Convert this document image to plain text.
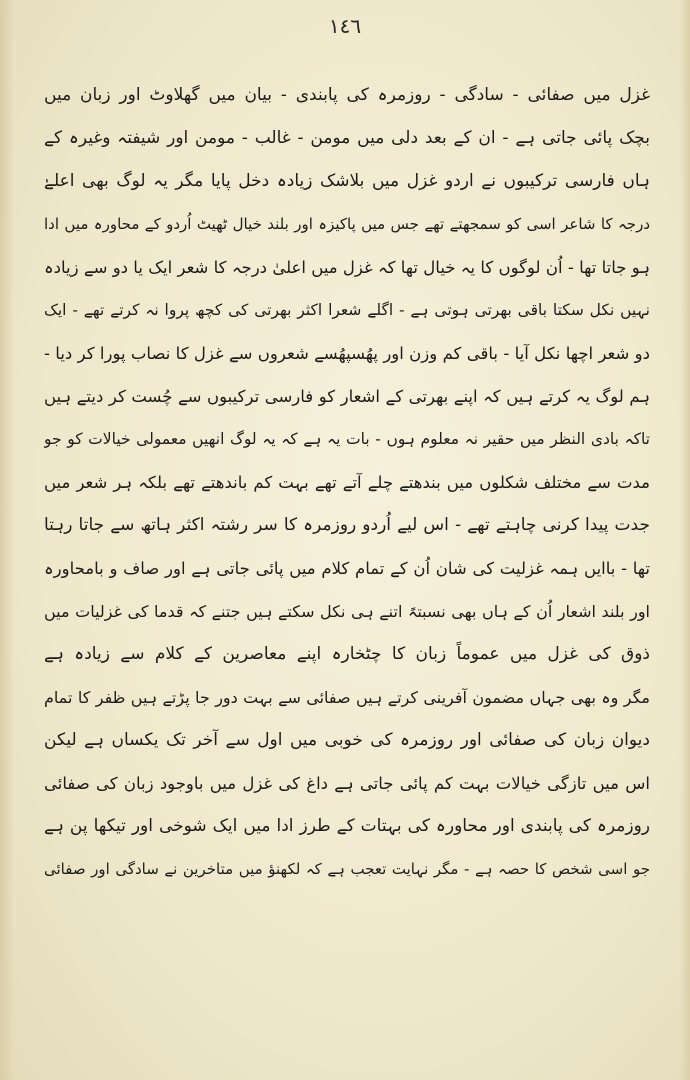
١٤٦
غزل میں صفائی - سادگی - روزمرہ کی پابندی - بیان میں گھلاوٹ اور زبان میں
بچک پائی جاتی ہے - ان کے بعد دلی میں مومن - غالب - مومن اور شیفتہ وغیرہ کے
ہاں فارسی ترکیبوں نے اردو غزل میں بلاشک زیادہ دخل پایا مگر یہ لوگ بھی اعلےٰ
درجہ کا شاعر اسی کو سمجھتے تھے جس میں پاکیزہ اور بلند خیال ٹھیٹ اُردو کے محاورہ میں ادا
ہو جاتا تھا - اُن لوگوں کا یہ خیال تھا کہ غزل میں اعلیٰ درجہ کا شعر ایک یا دو سے زیادہ
نہیں نکل سکتا باقی بھرتی ہوتی ہے - اگلے شعرا اکثر بھرتی کی کچھ پروا نہ کرتے تھے - ایک
دو شعر اچھا نکل آیا - باقی کم وزن اور پھُسپھُسے شعروں سے غزل کا نصاب پورا کر دیا -
ہم لوگ یہ کرتے ہیں کہ اپنے بھرتی کے اشعار کو فارسی ترکیبوں سے چُست کر دیتے ہیں
تاکہ بادی النظر میں حقیر نہ معلوم ہوں - بات یہ ہے کہ یہ لوگ انھیں معمولی خیالات کو جو
مدت سے مختلف شکلوں میں بندھتے چلے آتے تھے بہت کم باندھتے تھے بلکہ ہر شعر میں
جدت پیدا کرنی چاہتے تھے - اس لیے اُردو روزمرہ کا سر رشتہ اکثر ہاتھ سے جاتا رہتا
تھا - باایں ہمہ غزلیت کی شان اُن کے تمام کلام میں پائی جاتی ہے اور صاف و بامحاورہ
اور بلند اشعار اُن کے ہاں بھی نسبتہً اتنے ہی نکل سکتے ہیں جتنے کہ قدما کی غزلیات میں
ذوق کی غزل میں عموماً زبان کا چٹخارہ اپنے معاصرین کے کلام سے زیادہ ہے
مگر وہ بھی جہاں مضمون آفرینی کرتے ہیں صفائی سے بہت دور جا پڑتے ہیں ظفر کا تمام
دیوان زبان کی صفائی اور روزمرہ کی خوبی میں اول سے آخر تک یکساں ہے لیکن
اس میں تازگی خیالات بہت کم پائی جاتی ہے داغ کی غزل میں باوجود زبان کی صفائی
روزمرہ کی پابندی اور محاورہ کی بہتات کے طرز ادا میں ایک شوخی اور تیکھا پن ہے
جو اسی شخص کا حصہ ہے - مگر نہایت تعجب ہے کہ لکھنؤ میں متاخرین نے سادگی اور صفائی
